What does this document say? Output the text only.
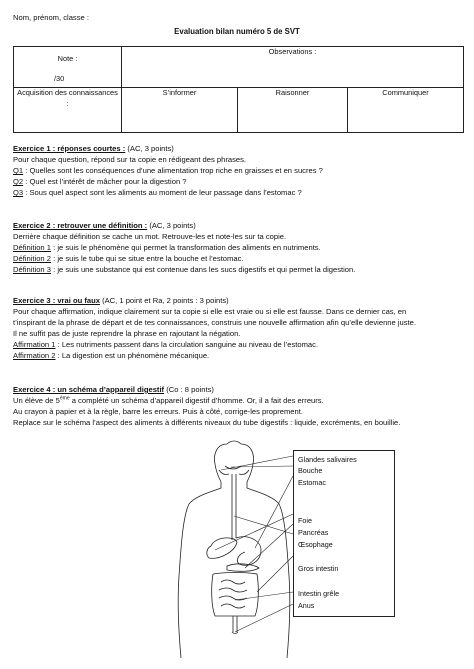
Nom, prénom, classe :
Evaluation bilan numéro 5 de SVT
Note :
/30	Observations :		
Acquisition des connaissances :	S’informer	Raisonner	Communiquer

Exercice 1 : réponses courtes : (AC, 3 points)

Pour chaque question, répond sur ta copie en rédigeant des phrases.

Q1 : Quelles sont les conséquences d’une alimentation trop riche en graisses et en sucres ?

Q2 : Quel est l’intérêt de mâcher pour la digestion ?

Q3 : Sous quel aspect sont les aliments au moment de leur passage dans l’estomac ?

Exercice 2 : retrouver une définition : (AC, 3 points)

Derrière chaque définition se cache un mot. Retrouve-les et note-les sur ta copie.

Définition 1 : je suis le phénomène qui permet la transformation des aliments en nutriments.

Définition 2 : je suis le tube qui se situe entre la bouche et l’estomac.

Définition 3 : je suis une substance qui est contenue dans les sucs digestifs et qui permet la digestion.

Exercice 3 : vrai ou faux (AC, 1 point et Ra, 2 points : 3 points)

Pour chaque affirmation, indique clairement sur ta copie si elle est vraie ou si elle est fausse. Dans ce dernier cas, en

t’inspirant de la phrase de départ et de tes connaissances, construis une nouvelle affirmation afin qu’elle devienne juste.

Il ne suffit pas de juste reprendre la phrase en rajoutant la négation.

Affirmation 1 : Les nutriments passent dans la circulation sanguine au niveau de l’estomac.

Affirmation 2 : La digestion est un phénomène mécanique.

Exercice 4 : un schéma d’appareil digestif (Co : 8 points)

Un élève de 5ème a complété un schéma d’appareil digestif d’homme. Or, il a fait des erreurs.

Au crayon à papier et à la règle, barre les erreurs. Puis à côté, corrige-les proprement.

Replace sur le schéma l’aspect des aliments à différents niveaux du tube digestifs : liquide, excréments, en bouillie.

Glandes salivaires
Bouche
Estomac
Foie
Pancréas
Œsophage
Gros intestin
Intestin grêle
Anus
